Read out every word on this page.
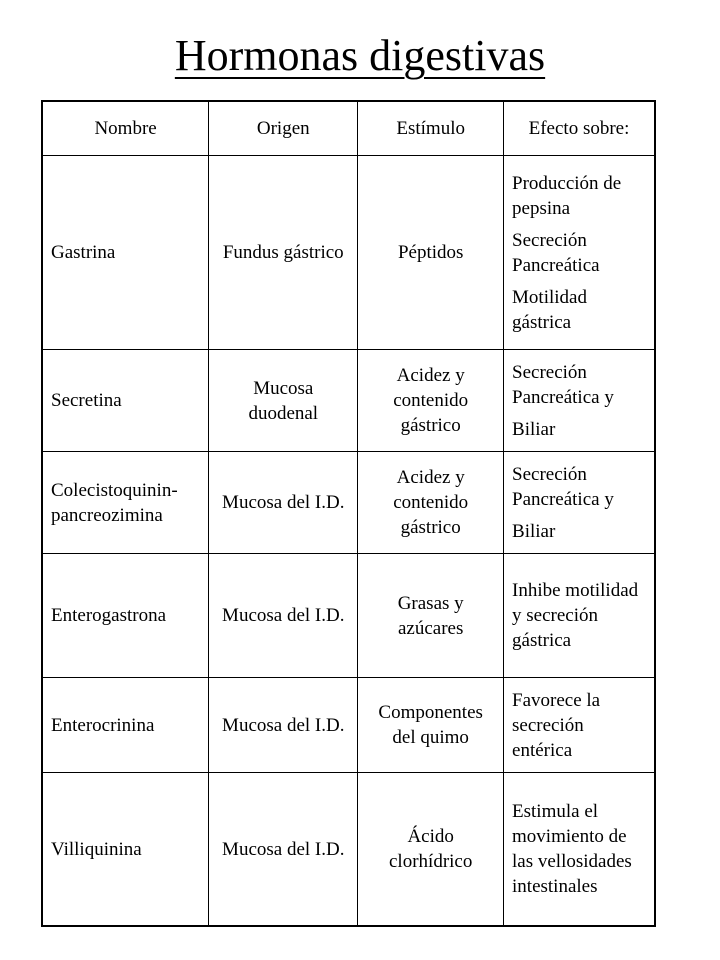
Hormonas digestivas
Nombre	Origen	Estímulo	Efecto sobre:
Gastrina	Fundus gástrico	Péptidos	Producción de pepsina
Secreción Pancreática
Motilidad gástrica

Secretina	Mucosa duodenal	Acidez y contenido gástrico	Secreción Pancreática y
Biliar

Colecistoquinin-pancreozimina	Mucosa del I.D.	Acidez y contenido gástrico	Secreción Pancreática y
Biliar

Enterogastrona	Mucosa del I.D.	Grasas y azúcares	Inhibe motilidad y secreción gástrica

Enterocrinina	Mucosa del I.D.	Componentes del quimo	Favorece la secreción entérica

Villiquinina	Mucosa del I.D.	Ácido clorhídrico	Estimula el movimiento de las vellosidades intestinales
